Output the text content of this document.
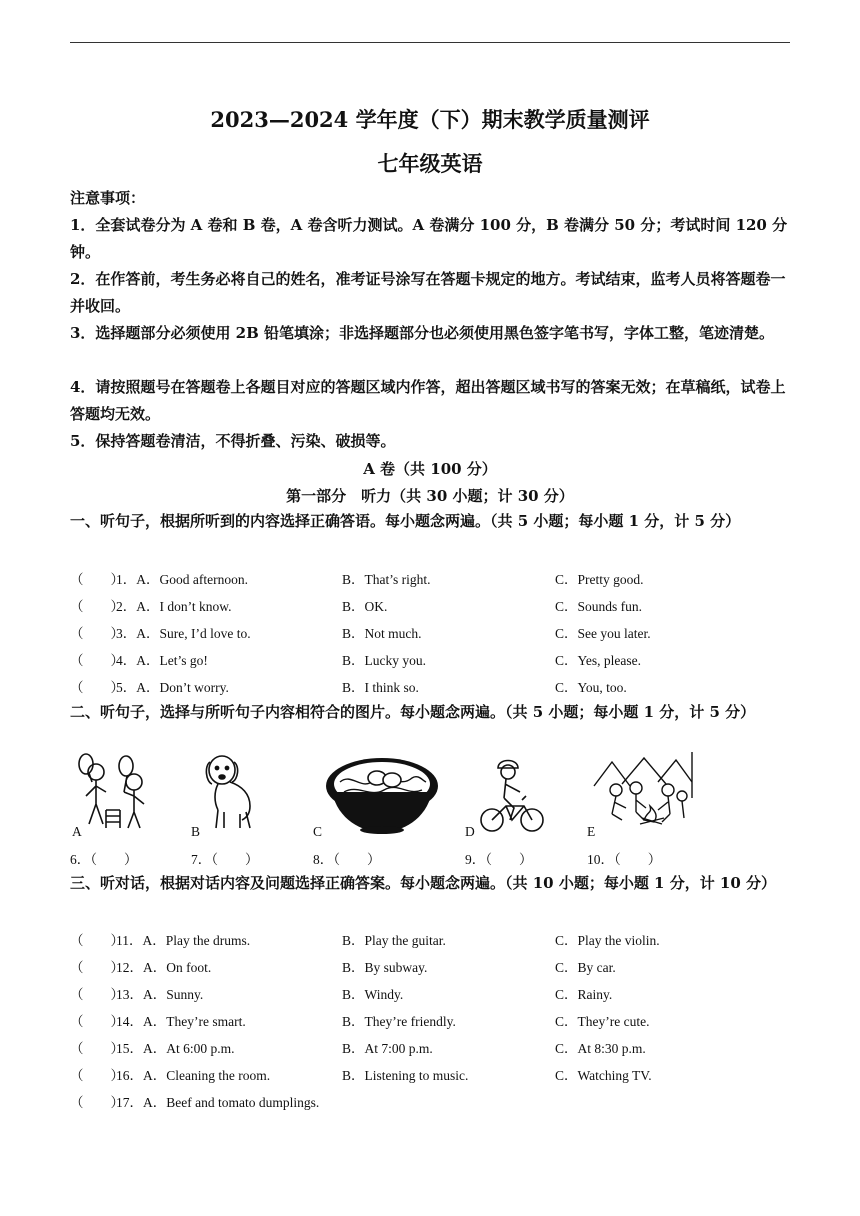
2023—2024 学年度（下）期末教学质量测评
七年级英语
注意事项：
1．全套试卷分为 A 卷和 B 卷，A 卷含听力测试。A 卷满分 100 分，B 卷满分 50 分；考试时间 120 分钟。
2．在作答前，考生务必将自己的姓名，准考证号涂写在答题卡规定的地方。考试结束，监考人员将答题卷一并收回。
3．选择题部分必须使用 2B 铅笔填涂；非选择题部分也必须使用黑色签字笔书写，字体工整，笔迹清楚。
4．请按照题号在答题卷上各题目对应的答题区域内作答，超出答题区域书写的答案无效；在草稿纸，试卷上答题均无效。
5．保持答题卷清洁，不得折叠、污染、破损等。
A 卷（共 100 分）
第一部分　听力（共 30 小题；计 30 分）
一、听句子，根据所听到的内容选择正确答语。每小题念两遍。（共 5 小题；每小题 1 分，计 5 分）
（　　）
1．A．Good afternoon.	B．That’s right.	C．Pretty good.
（　　）
2．A．I don’t know.	B．OK.	C．Sounds fun.
（　　）
3．A．Sure, I’d love to.	B．Not much.	C．See you later.
（　　）
4．A．Let’s go!	B．Lucky you.	C．Yes, please.
（　　）
5．A．Don’t worry.	B．I think so.	C．You, too.
二、听句子，选择与所听句子内容相符合的图片。每小题念两遍。（共 5 小题；每小题 1 分，计 5 分）
A	B	C	D	E
6．（　　）	7．（　　）	8．（　　）	9．（　　）	10．（　　）
三、听对话，根据对话内容及问题选择正确答案。每小题念两遍。（共 10 小题；每小题 1 分，计 10 分）
（　　）
11．A．Play the drums.	B．Play the guitar.	C．Play the violin.
（　　）
12．A．On foot.	B．By subway.	C．By car.
（　　）
13．A．Sunny.	B．Windy.	C．Rainy.
（　　）
14．A．They’re smart.	B．They’re friendly.	C．They’re cute.
（　　）
15．A．At 6:00 p.m.	B．At 7:00 p.m.	C．At 8:30 p.m.
（　　）
16．A．Cleaning the room.	B．Listening to music.	C．Watching TV.
（　　）
17．A．Beef and tomato dumplings.
